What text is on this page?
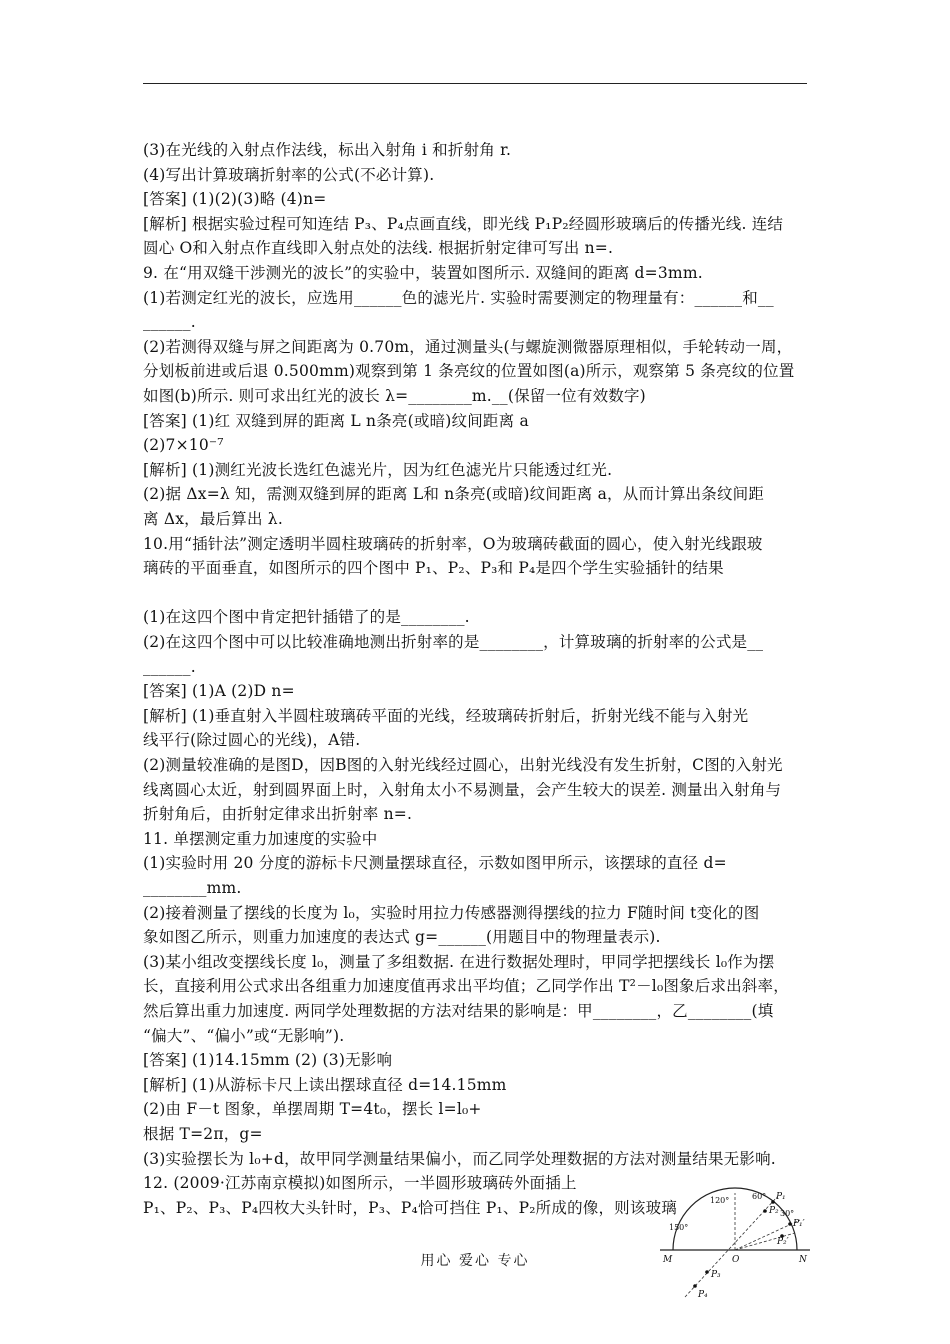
(3)在光线的入射点作法线，标出入射角 i 和折射角 r.
(4)写出计算玻璃折射率的公式(不必计算).
[答案] (1)(2)(3)略 (4)n=
[解析] 根据实验过程可知连结 P₃、P₄点画直线，即光线 P₁P₂经圆形玻璃后的传播光线. 连结
圆心 O和入射点作直线即入射点处的法线. 根据折射定律可写出 n=.
9. 在“用双缝干涉测光的波长”的实验中，装置如图所示. 双缝间的距离 d=3mm.
(1)若测定红光的波长，应选用______色的滤光片. 实验时需要测定的物理量有：______和__
______.
(2)若测得双缝与屏之间距离为 0.70m，通过测量头(与螺旋测微器原理相似，手轮转动一周，
分划板前进或后退 0.500mm)观察到第 1 条亮纹的位置如图(a)所示，观察第 5 条亮纹的位置
如图(b)所示. 则可求出红光的波长 λ=________m.__(保留一位有效数字)
[答案] (1)红 双缝到屏的距离 L n条亮(或暗)纹间距离 a
(2)7×10⁻⁷
[解析] (1)测红光波长选红色滤光片，因为红色滤光片只能透过红光.
(2)据 Δx=λ 知，需测双缝到屏的距离 L和 n条亮(或暗)纹间距离 a，从而计算出条纹间距
离 Δx，最后算出 λ.
10.用“插针法”测定透明半圆柱玻璃砖的折射率，O为玻璃砖截面的圆心，使入射光线跟玻
璃砖的平面垂直，如图所示的四个图中 P₁、P₂、P₃和 P₄是四个学生实验插针的结果
(1)在这四个图中肯定把针插错了的是________.
(2)在这四个图中可以比较准确地测出折射率的是________，计算玻璃的折射率的公式是__
______.
[答案] (1)A (2)D n=
[解析] (1)垂直射入半圆柱玻璃砖平面的光线，经玻璃砖折射后，折射光线不能与入射光
线平行(除过圆心的光线)，A错.
(2)测量较准确的是图D，因B图的入射光线经过圆心，出射光线没有发生折射，C图的入射光
线离圆心太近，射到圆界面上时，入射角太小不易测量，会产生较大的误差. 测量出入射角与
折射角后，由折射定律求出折射率 n=.
11. 单摆测定重力加速度的实验中
(1)实验时用 20 分度的游标卡尺测量摆球直径，示数如图甲所示，该摆球的直径 d=
________mm.
(2)接着测量了摆线的长度为 l₀，实验时用拉力传感器测得摆线的拉力 F随时间 t变化的图
象如图乙所示，则重力加速度的表达式 g=______(用题目中的物理量表示).
(3)某小组改变摆线长度 l₀，测量了多组数据. 在进行数据处理时，甲同学把摆线长 l₀作为摆
长，直接利用公式求出各组重力加速度值再求出平均值；乙同学作出 T²－l₀图象后求出斜率，
然后算出重力加速度. 两同学处理数据的方法对结果的影响是：甲________，乙________(填
“偏大”、“偏小”或“无影响”).
[答案] (1)14.15mm (2) (3)无影响
[解析] (1)从游标卡尺上读出摆球直径 d=14.15mm
(2)由 F－t 图象，单摆周期 T=4t₀，摆长 l=l₀+
根据 T=2π，g=
(3)实验摆长为 l₀+d，故甲同学测量结果偏小，而乙同学处理数据的方法对测量结果无影响.
12. (2009·江苏南京模拟)如图所示，一半圆形玻璃砖外面插上
P₁、P₂、P₃、P₄四枚大头针时，P₃、P₄恰可挡住 P₁、P₂所成的像，则该玻璃	120°
150°
60°
30°
M	O	N
P₁
P₂
P₁′
P₂′
P₃
P₄
用心 爱心 专心
